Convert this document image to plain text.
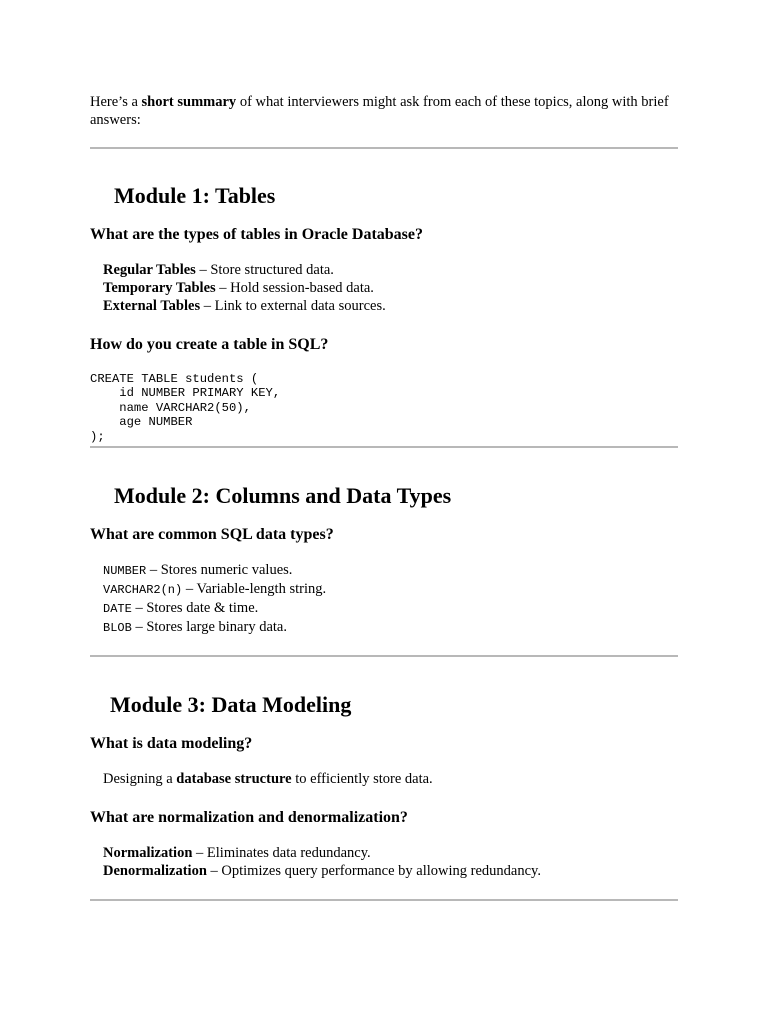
Here’s a short summary of what interviewers might ask from each of these topics, along with brief answers:

Module 1: Tables
What are the types of tables in Oracle Database?
Regular Tables – Store structured data.
Temporary Tables – Hold session-based data.
External Tables – Link to external data sources.
How do you create a table in SQL?
CREATE TABLE students (
id NUMBER PRIMARY KEY,
name VARCHAR2(50),
age NUMBER
);
Module 2: Columns and Data Types
What are common SQL data types?
NUMBER – Stores numeric values.
VARCHAR2(n) – Variable-length string.
DATE – Stores date & time.
BLOB – Stores large binary data.
Module 3: Data Modeling
What is data modeling?

Designing a database structure to efficiently store data.

What are normalization and denormalization?
Normalization – Eliminates data redundancy.
Denormalization – Optimizes query performance by allowing redundancy.
